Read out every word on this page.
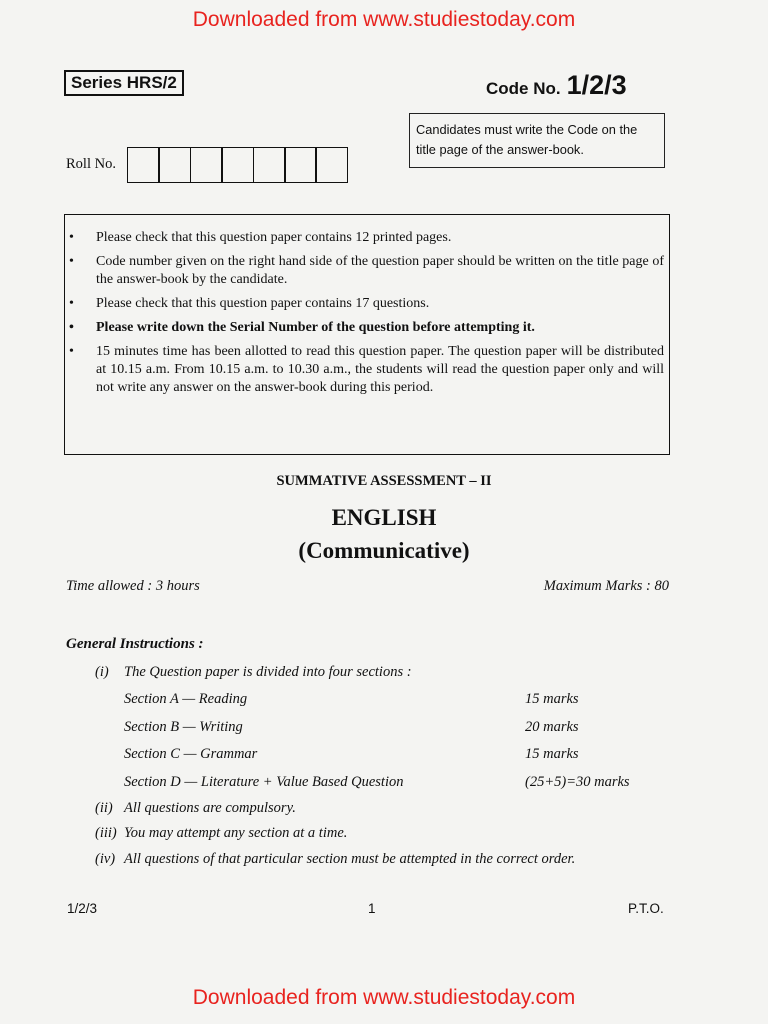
Downloaded from www.studiestoday.com
Series HRS/2	Code No. 1/2/3
Candidates must write the Code on the title page of the answer-book.
Roll No.
• Please check that this question paper contains 12 printed pages.
• Code number given on the right hand side of the question paper should be written on the title page of the answer-book by the candidate.
• Please check that this question paper contains 17 questions.
• Please write down the Serial Number of the question before attempting it.
• 15 minutes time has been allotted to read this question paper. The question paper will be distributed at 10.15 a.m. From 10.15 a.m. to 10.30 a.m., the students will read the question paper only and will not write any answer on the answer-book during this period.
SUMMATIVE ASSESSMENT – II
ENGLISH
(Communicative)
Time allowed : 3 hours	Maximum Marks : 80
General Instructions :
(i) The Question paper is divided into four sections :
Section A — Reading	15 marks
Section B — Writing	20 marks
Section C — Grammar	15 marks
Section D — Literature + Value Based Question	(25+5)=30 marks
(ii) All questions are compulsory.
(iii) You may attempt any section at a time.
(iv) All questions of that particular section must be attempted in the correct order.
1/2/3	1	P.T.O.
Downloaded from www.studiestoday.com
